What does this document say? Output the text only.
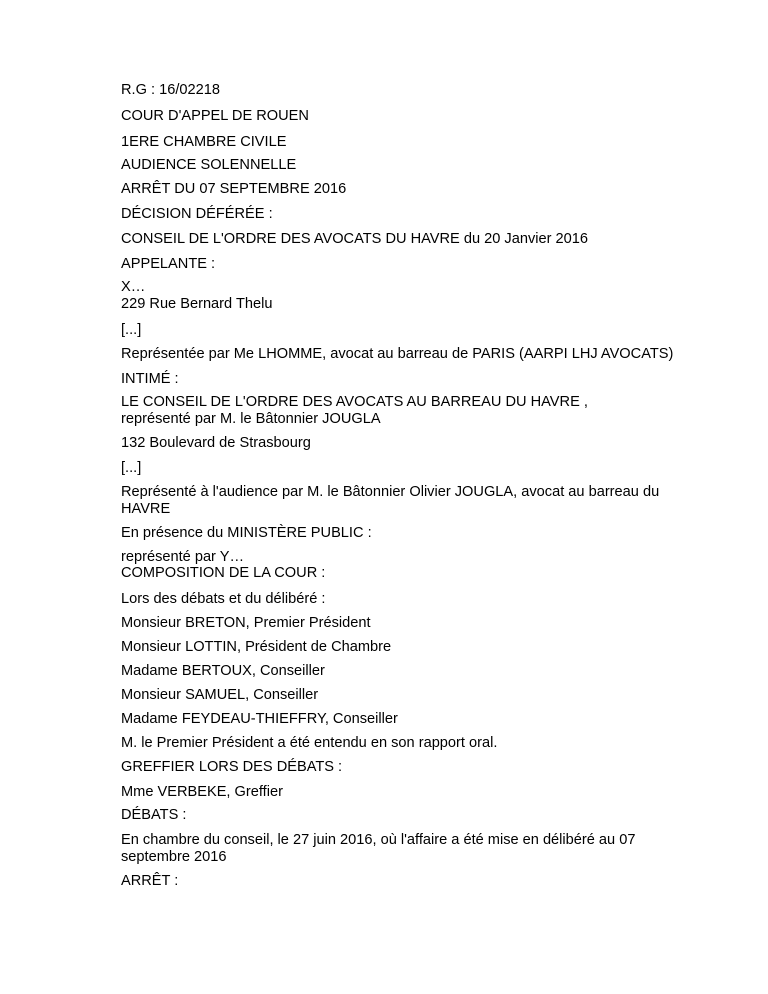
R.G : 16/02218
COUR D'APPEL DE ROUEN
1ERE CHAMBRE CIVILE
AUDIENCE SOLENNELLE
ARRÊT DU 07 SEPTEMBRE 2016
DÉCISION DÉFÉRÉE :
CONSEIL DE L'ORDRE DES AVOCATS DU HAVRE du 20 Janvier 2016
APPELANTE :
X…
229 Rue Bernard Thelu
[...]
Représentée par Me LHOMME, avocat au barreau de PARIS (AARPI LHJ AVOCATS)
INTIMÉ :
LE CONSEIL DE L'ORDRE DES AVOCATS AU BARREAU DU HAVRE , représenté par M. le Bâtonnier JOUGLA
132 Boulevard de Strasbourg
[...]
Représenté à l'audience par M. le Bâtonnier Olivier JOUGLA, avocat au barreau du HAVRE
En présence du MINISTÈRE PUBLIC :
représenté par Y…
COMPOSITION DE LA COUR :
Lors des débats et du délibéré :
Monsieur BRETON, Premier Président
Monsieur LOTTIN, Président de Chambre
Madame BERTOUX, Conseiller
Monsieur SAMUEL, Conseiller
Madame FEYDEAU-THIEFFRY, Conseiller
M. le Premier Président a été entendu en son rapport oral.
GREFFIER LORS DES DÉBATS :
Mme VERBEKE, Greffier
DÉBATS :
En chambre du conseil, le 27 juin 2016, où l'affaire a été mise en délibéré au 07 septembre 2016
ARRÊT :
